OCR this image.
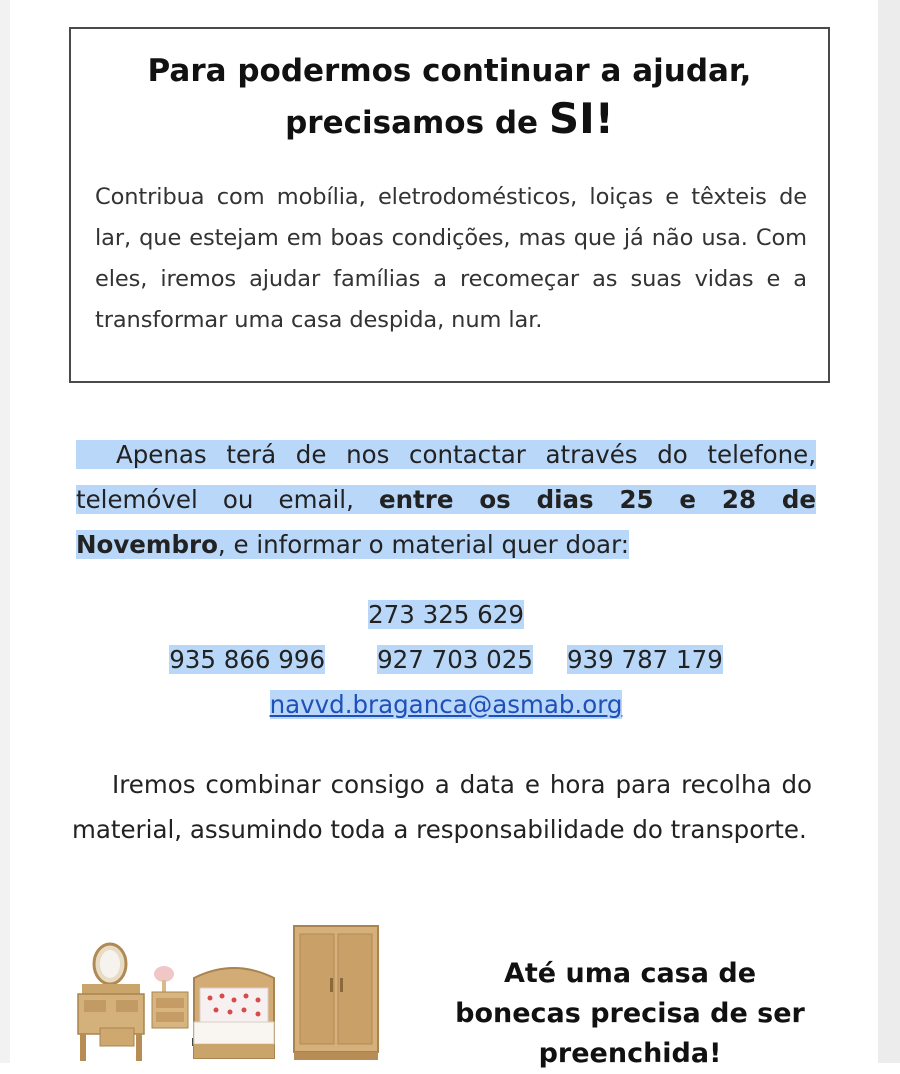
Para podermos continuar a ajudar,
precisamos de SI!
Contribua com mobília, eletrodomésticos, loiças e têxteis de lar, que estejam em boas condições, mas que já não usa. Com eles, iremos ajudar famílias a recomeçar as suas vidas e a transformar uma casa despida, num lar.
Apenas terá de nos contactar através do telefone, telemóvel ou email, entre os dias 25 e 28 de Novembro, e informar o material quer doar:
273 325 629
935 866 996 927 703 025 939 787 179
navvd.braganca@asmab.org
Iremos combinar consigo a data e hora para recolha do material, assumindo toda a responsabilidade do transporte.
Até uma casa de
bonecas precisa de ser
preenchida!
